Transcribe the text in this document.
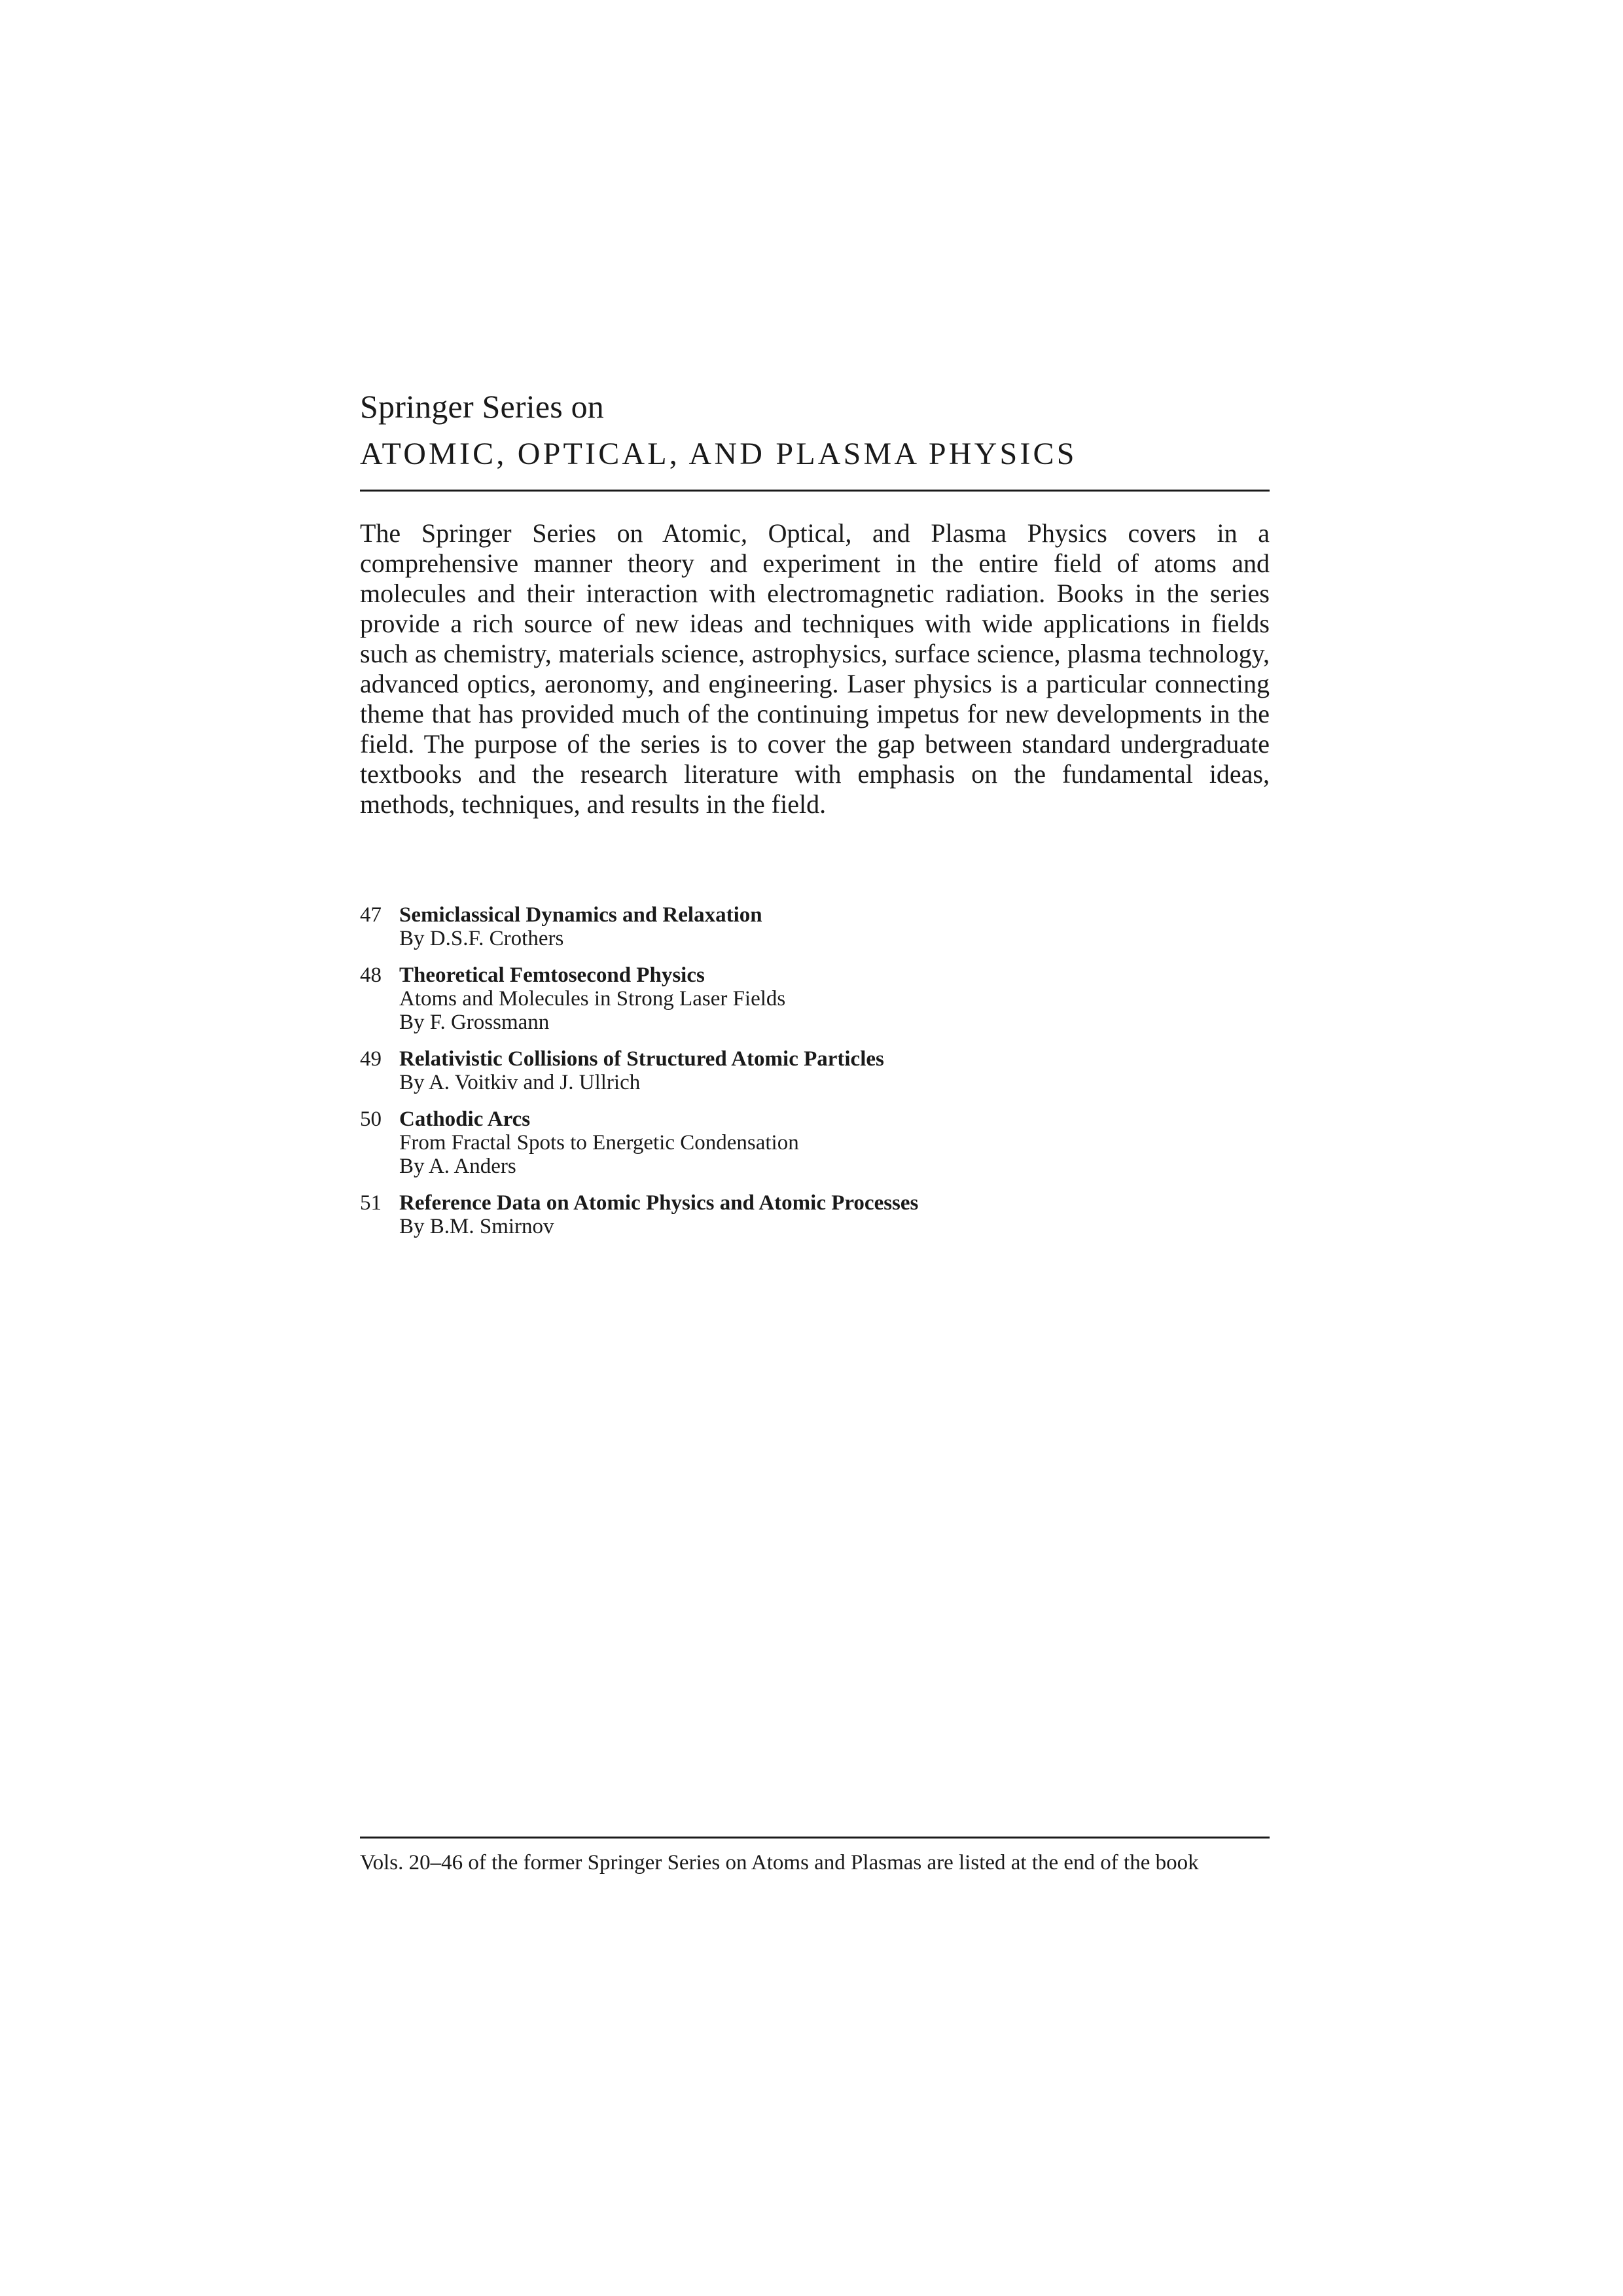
Springer Series on
ATOMIC, OPTICAL, AND PLASMA PHYSICS

The Springer Series on Atomic, Optical, and Plasma Physics covers in a comprehensive manner theory and experiment in the entire field of atoms and molecules and their interaction with electromagnetic radiation. Books in the series provide a rich source of new ideas and techniques with wide applications in fields such as chemistry, materials science, astrophysics, surface science, plasma technology, advanced optics, aeronomy, and engineering. Laser physics is a particular connecting theme that has provided much of the continuing impetus for new developments in the field. The purpose of the series is to cover the gap between standard undergraduate textbooks and the research literature with emphasis on the fundamental ideas, methods, techniques, and results in the field.

47 Semiclassical Dynamics and Relaxation
By D.S.F. Crothers
48 Theoretical Femtosecond Physics
Atoms and Molecules in Strong Laser Fields
By F. Grossmann
49 Relativistic Collisions of Structured Atomic Particles
By A. Voitkiv and J. Ullrich
50 Cathodic Arcs
From Fractal Spots to Energetic Condensation
By A. Anders
51 Reference Data on Atomic Physics and Atomic Processes
By B.M. Smirnov
Vols. 20–46 of the former Springer Series on Atoms and Plasmas are listed at the end of the book
